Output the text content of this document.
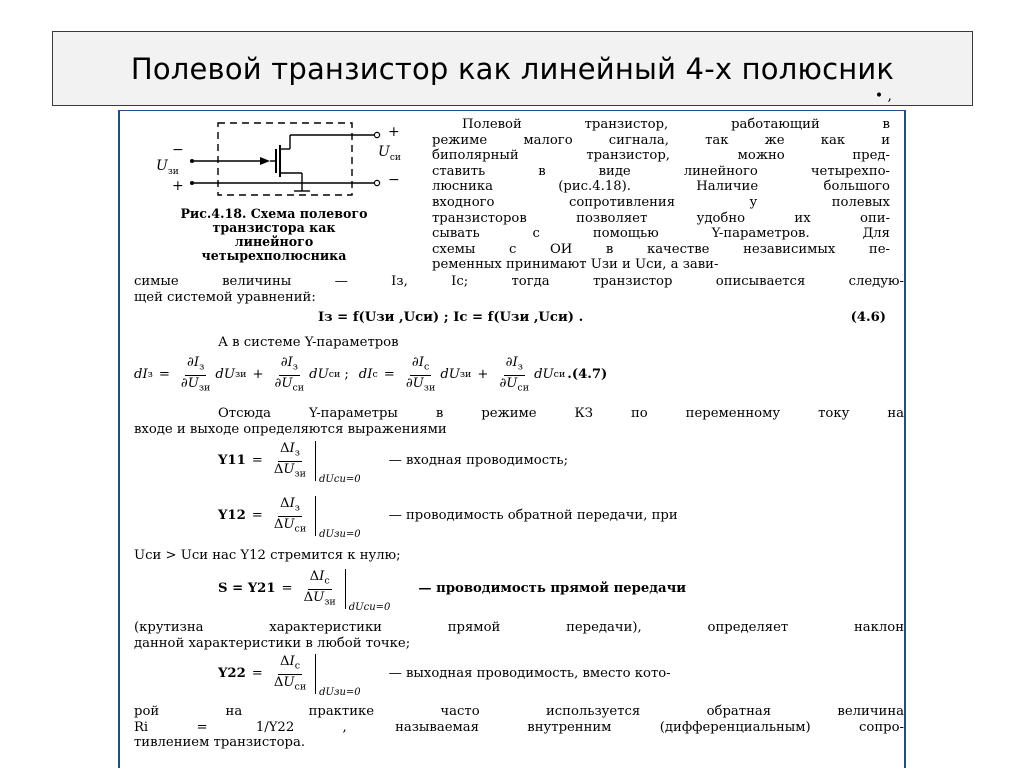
Полевой транзистор как линейный 4-х полюсник
−
$U_{зи}$
+
+
$U_{си}$
−
Рис.4.18. Схема полевого
транзистора как
линейного
четырехполюсника
Полевой транзистор, работающий в
режиме малого сигнала, так же как и
биполярный транзистор, можно пред-
ставить в виде линейного четырехпо-
люсника (рис.4.18). Наличие большого
входного сопротивления у полевых
транзисторов позволяет удобно их опи-
сывать с помощью Y-параметров. Для
схемы с ОИ в качестве независимых пе-
ременных принимают Uзи и Uси, а зави-
симые величины — Iз, Iс; тогда транзистор описывается следую-
щей системой уравнений:
Iз = f(Uзи ,Uси) ; Iс = f(Uзи ,Uси) .	(4.6)
А в системе Y-параметров
dI $з = \frac{\partial I_з}{\partial U_{зи}}$ dU зи + $\frac{\partial I_з}{\partial U_{си}}$ dU си ; dI $с = \frac{\partial I_с}{\partial U_{зи}}$ dU зи + $\frac{\partial I_з}{\partial U_{си}}$ dU си .(4.7)
Отсюда Y-параметры в режиме КЗ по переменному току на
входе и выходе определяются выражениями
$Y11 = \frac{\Delta I_з}{\Delta U_{зи}}$ dUси=0
— входная проводимость;
$Y12 = \frac{\Delta I_з}{\Delta U_{си}}$ dUзи=0
— проводимость обратной передачи, при
Uси > Uси нас Y12 стремится к нулю;
$S = Y21 = \frac{\Delta I_с}{\Delta U_{зи}}$ dUси=0
— проводимость прямой передачи
(крутизна характеристики прямой передачи), определяет наклон
данной характеристики в любой точке;
$Y22 = \frac{\Delta I_с}{\Delta U_{си}}$ dUзи=0
— выходная проводимость, вместо кото-
рой на практике часто используется обратная величина
Ri = 1/Y22 , называемая внутренним (дифференциальным) сопро-
тивлением транзистора.
• ,
